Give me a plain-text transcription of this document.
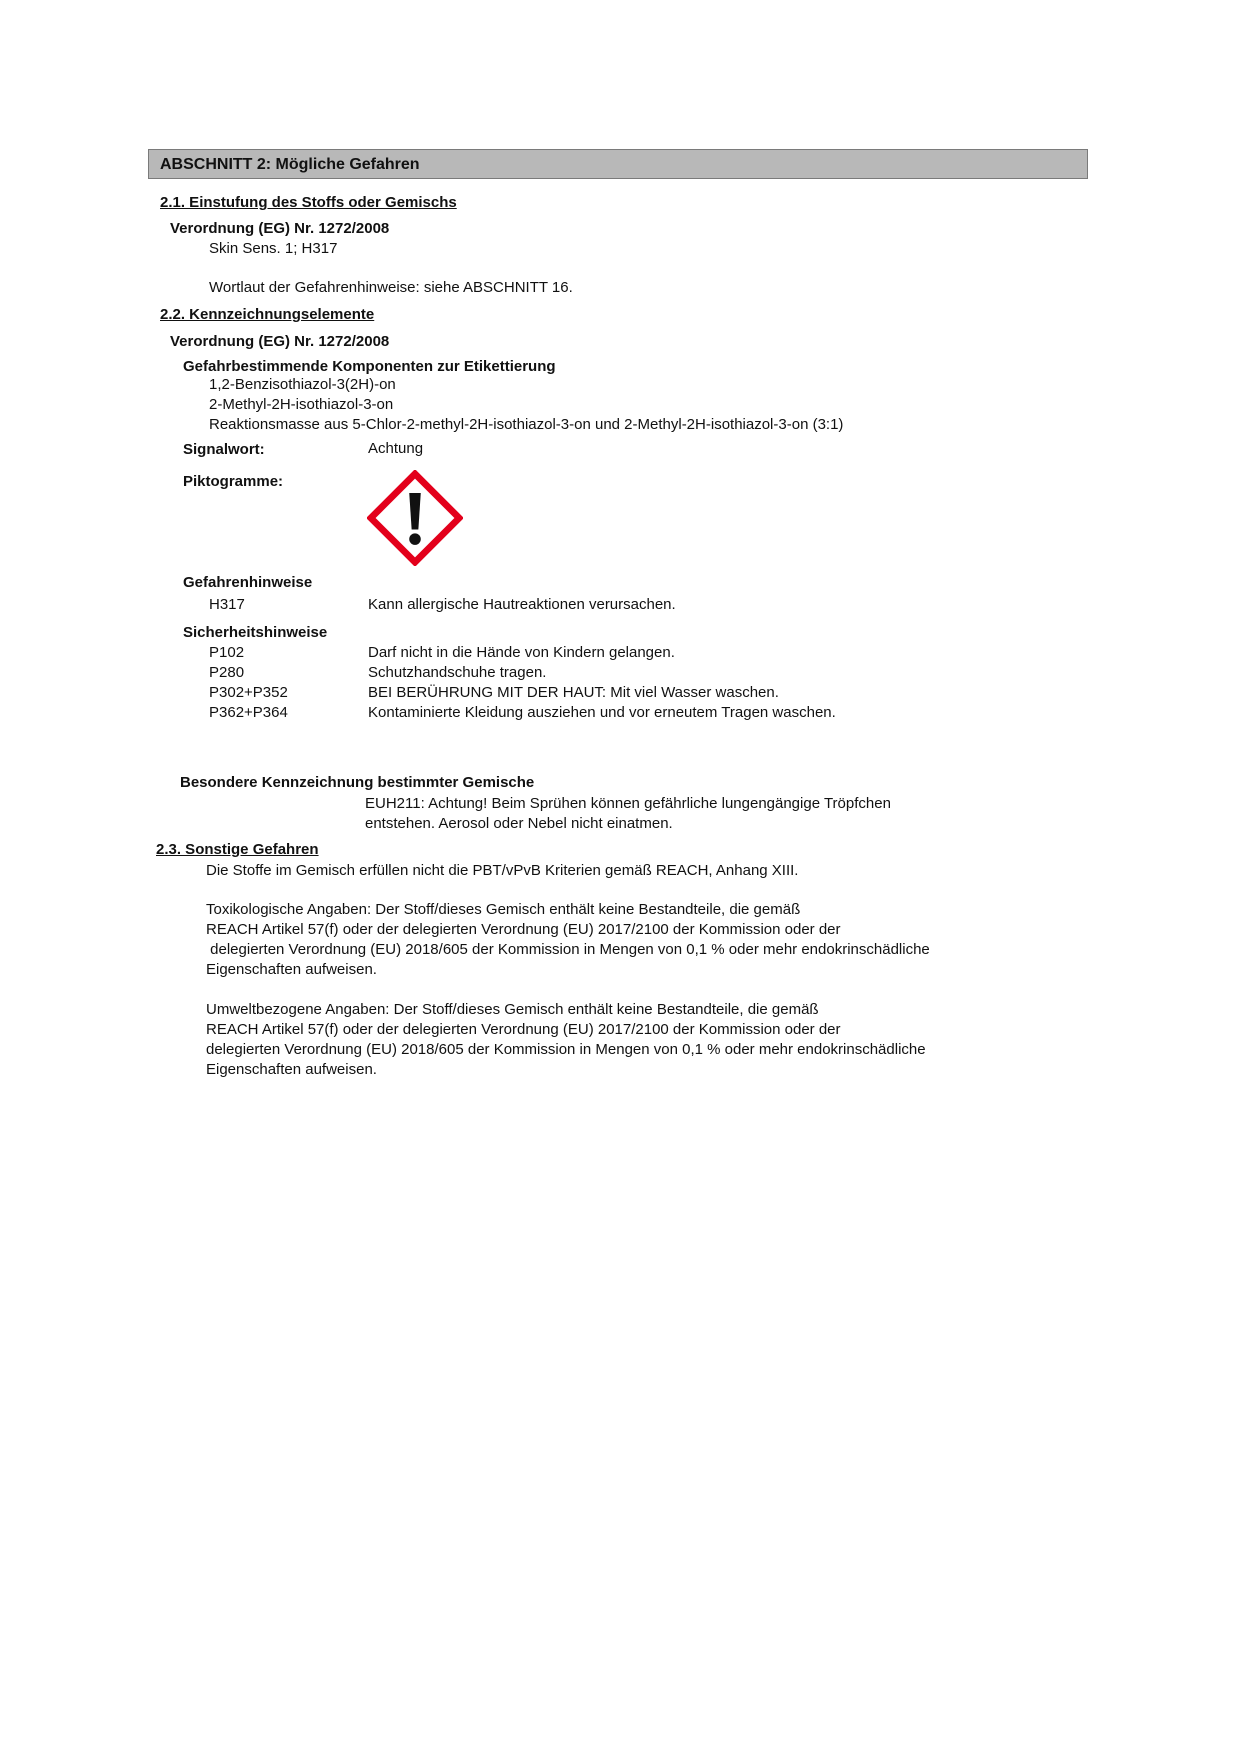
ABSCHNITT 2: Mögliche Gefahren
2.1. Einstufung des Stoffs oder Gemischs
Verordnung (EG) Nr. 1272/2008
Skin Sens. 1; H317
Wortlaut der Gefahrenhinweise: siehe ABSCHNITT 16.
2.2. Kennzeichnungselemente
Verordnung (EG) Nr. 1272/2008
Gefahrbestimmende Komponenten zur Etikettierung
1,2-Benzisothiazol-3(2H)-on
2-Methyl-2H-isothiazol-3-on
Reaktionsmasse aus 5-Chlor-2-methyl-2H-isothiazol-3-on und 2-Methyl-2H-isothiazol-3-on (3:1)
Signalwort:	Achtung
Piktogramme:
Gefahrenhinweise
H317	Kann allergische Hautreaktionen verursachen.
Sicherheitshinweise
P102	Darf nicht in die Hände von Kindern gelangen.
P280	Schutzhandschuhe tragen.
P302+P352	BEI BERÜHRUNG MIT DER HAUT: Mit viel Wasser waschen.
P362+P364	Kontaminierte Kleidung ausziehen und vor erneutem Tragen waschen.
Besondere Kennzeichnung bestimmter Gemische
EUH211: Achtung! Beim Sprühen können gefährliche lungengängige Tröpfchen
entstehen. Aerosol oder Nebel nicht einatmen.
2.3. Sonstige Gefahren
Die Stoffe im Gemisch erfüllen nicht die PBT/vPvB Kriterien gemäß REACH, Anhang XIII.
Toxikologische Angaben: Der Stoff/dieses Gemisch enthält keine Bestandteile, die gemäß
REACH Artikel 57(f) oder der delegierten Verordnung (EU) 2017/2100 der Kommission oder der
delegierten Verordnung (EU) 2018/605 der Kommission in Mengen von 0,1 % oder mehr endokrinschädliche
Eigenschaften aufweisen.
Umweltbezogene Angaben: Der Stoff/dieses Gemisch enthält keine Bestandteile, die gemäß
REACH Artikel 57(f) oder der delegierten Verordnung (EU) 2017/2100 der Kommission oder der
delegierten Verordnung (EU) 2018/605 der Kommission in Mengen von 0,1 % oder mehr endokrinschädliche
Eigenschaften aufweisen.
